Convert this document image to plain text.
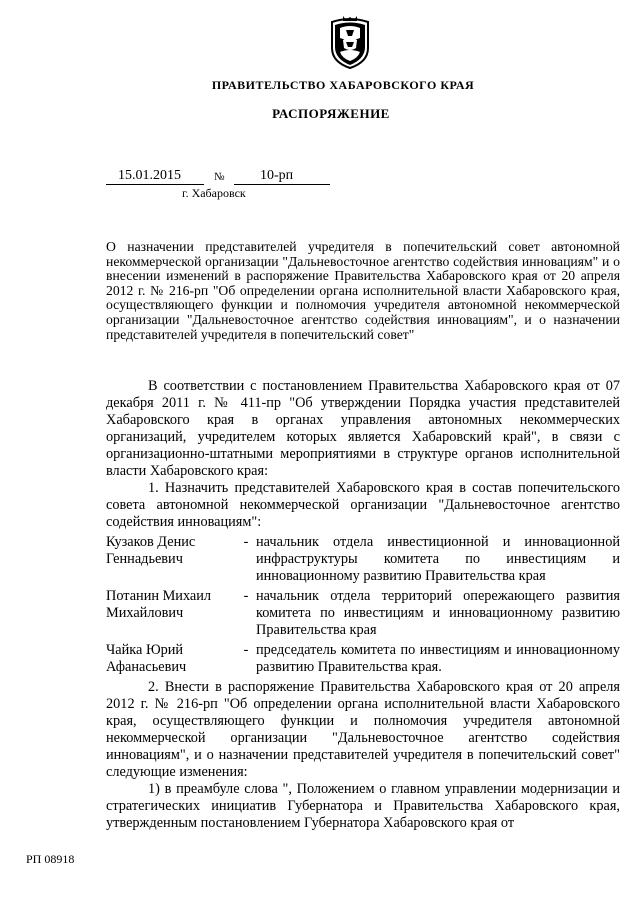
ПРАВИТЕЛЬСТВО ХАБАРОВСКОГО КРАЯ
РАСПОРЯЖЕНИЕ
15.01.2015	№	10-рп
г. Хабаровск
О назначении представителей учредителя в попечительский совет автономной некоммерческой организации "Дальневосточное агентство содействия инновациям" и о внесении изменений в распоряжение Правительства Хабаровского края от 20 апреля 2012 г. № 216-рп "Об определении органа исполнительной власти Хабаровского края, осуществляющего функции и полномочия учредителя автономной некоммерческой организации "Дальневосточное агентство содействия инновациям", и о назначении представителей учредителя в попечительский совет"

В соответствии с постановлением Правительства Хабаровского края от 07 декабря 2011 г. № 411-пр "Об утверждении Порядка участия представителей Хабаровского края в органах управления автономных некоммерческих организаций, учредителем которых является Хабаровский край", в связи с организационно-штатными мероприятиями в структуре органов исполнительной власти Хабаровского края:

1. Назначить представителей Хабаровского края в состав попечительского совета автономной некоммерческой организации "Дальневосточное агентство содействия инновациям":

Кузаков Денис Геннадьевич
- начальник отдела инвестиционной и инновационной инфраструктуры комитета по инвестициям и инновационному развитию Правительства края
Потанин Михаил Михайлович
- начальник отдела территорий опережающего развития комитета по инвестициям и инновационному развитию Правительства края
Чайка Юрий Афанасьевич
- председатель комитета по инвестициям и инновационному развитию Правительства края.

2. Внести в распоряжение Правительства Хабаровского края от 20 апреля 2012 г. № 216-рп "Об определении органа исполнительной власти Хабаровского края, осуществляющего функции и полномочия учредителя автономной некоммерческой организации "Дальневосточное агентство содействия инновациям", и о назначении представителей учредителя в попечительский совет" следующие изменения:

1) в преамбуле слова ", Положением о главном управлении модернизации и стратегических инициатив Губернатора и Правительства Хабаровского края, утвержденным постановлением Губернатора Хабаровского края от

РП 08918
